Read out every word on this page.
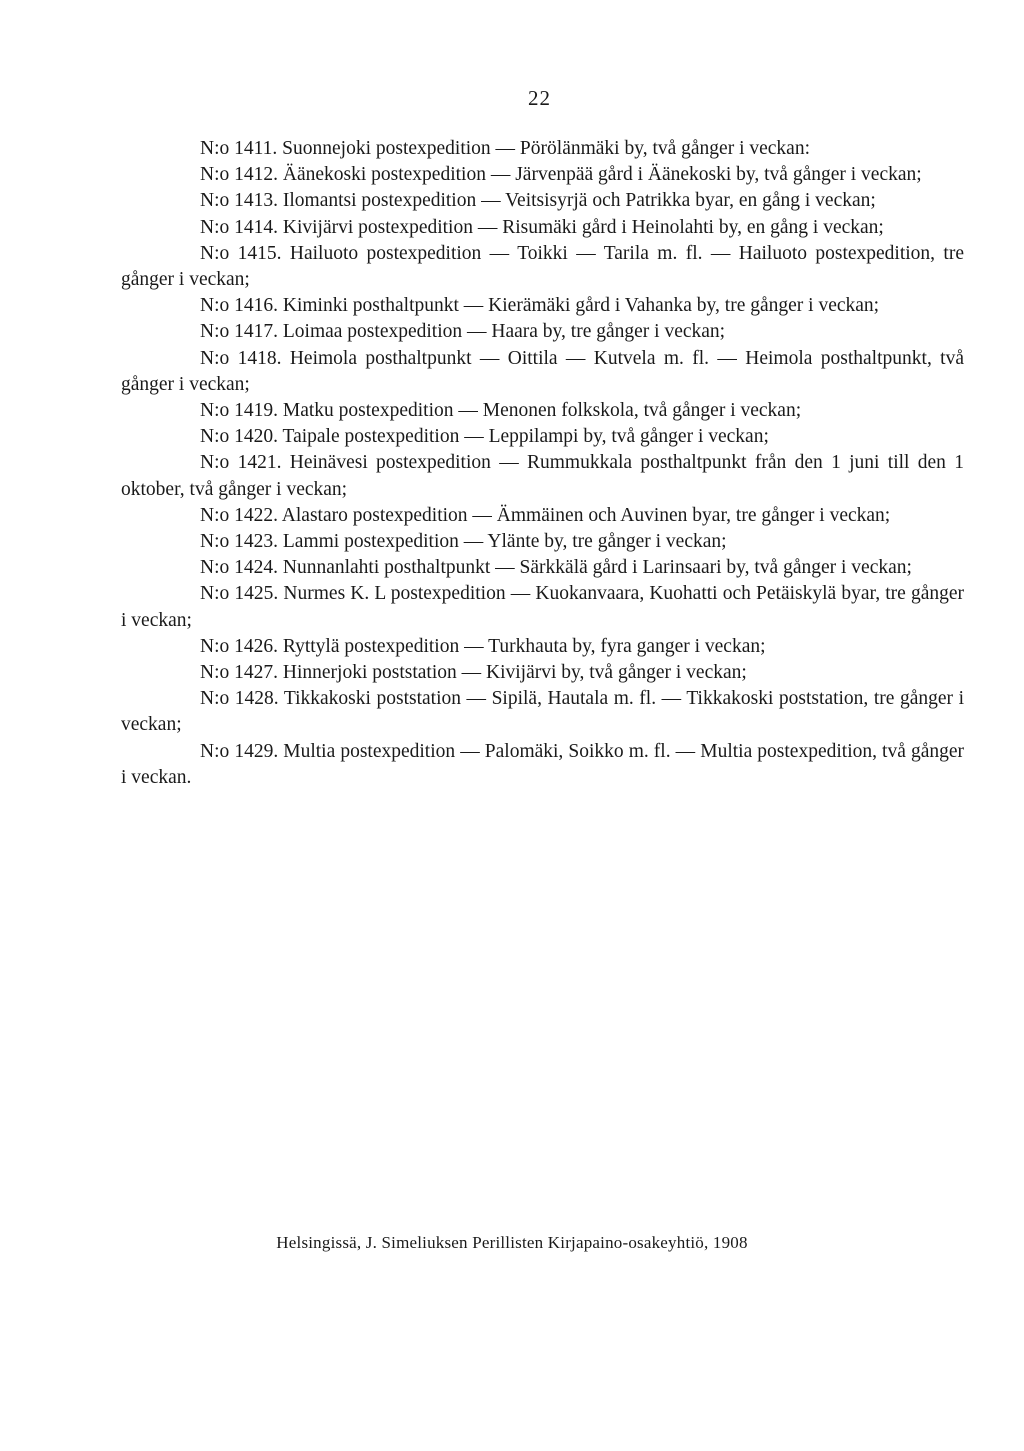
22

N:o 1411. Suonnejoki postexpedition — Pörölänmäki by, två gånger i veckan:

N:o 1412. Äänekoski postexpedition — Järvenpää gård i Äänekoski by, två gånger i veckan;

N:o 1413. Ilomantsi postexpedition — Veitsisyrjä och Patrikka byar, en gång i veckan;

N:o 1414. Kivijärvi postexpedition — Risumäki gård i Heinolahti by, en gång i veckan;

N:o 1415. Hailuoto postexpedition — Toikki — Tarila m. fl. — Hailuoto postexpedition, tre gånger i veckan;

N:o 1416. Kiminki posthaltpunkt — Kierämäki gård i Vahanka by, tre gånger i veckan;

N:o 1417. Loimaa postexpedition — Haara by, tre gånger i veckan;

N:o 1418. Heimola posthaltpunkt — Oittila — Kutvela m. fl. — Heimola posthaltpunkt, två gånger i veckan;

N:o 1419. Matku postexpedition — Menonen folkskola, två gånger i veckan;

N:o 1420. Taipale postexpedition — Leppilampi by, två gånger i veckan;

N:o 1421. Heinävesi postexpedition — Rummukkala posthaltpunkt från den 1 juni till den 1 oktober, två gånger i veckan;

N:o 1422. Alastaro postexpedition — Ämmäinen och Auvinen byar, tre gånger i veckan;

N:o 1423. Lammi postexpedition — Ylänte by, tre gånger i veckan;

N:o 1424. Nunnanlahti posthaltpunkt — Särkkälä gård i Larinsaari by, två gånger i veckan;

N:o 1425. Nurmes K. L postexpedition — Kuokanvaara, Kuohatti och Petäiskylä byar, tre gånger i veckan;

N:o 1426. Ryttylä postexpedition — Turkhauta by, fyra ganger i veckan;

N:o 1427. Hinnerjoki poststation — Kivijärvi by, två gånger i veckan;

N:o 1428. Tikkakoski poststation — Sipilä, Hautala m. fl. — Tikkakoski poststation, tre gånger i veckan;

N:o 1429. Multia postexpedition — Palomäki, Soikko m. fl. — Multia postexpedition, två gånger i veckan.

Helsingissä, J. Simeliuksen Perillisten Kirjapaino-osakeyhtiö, 1908
